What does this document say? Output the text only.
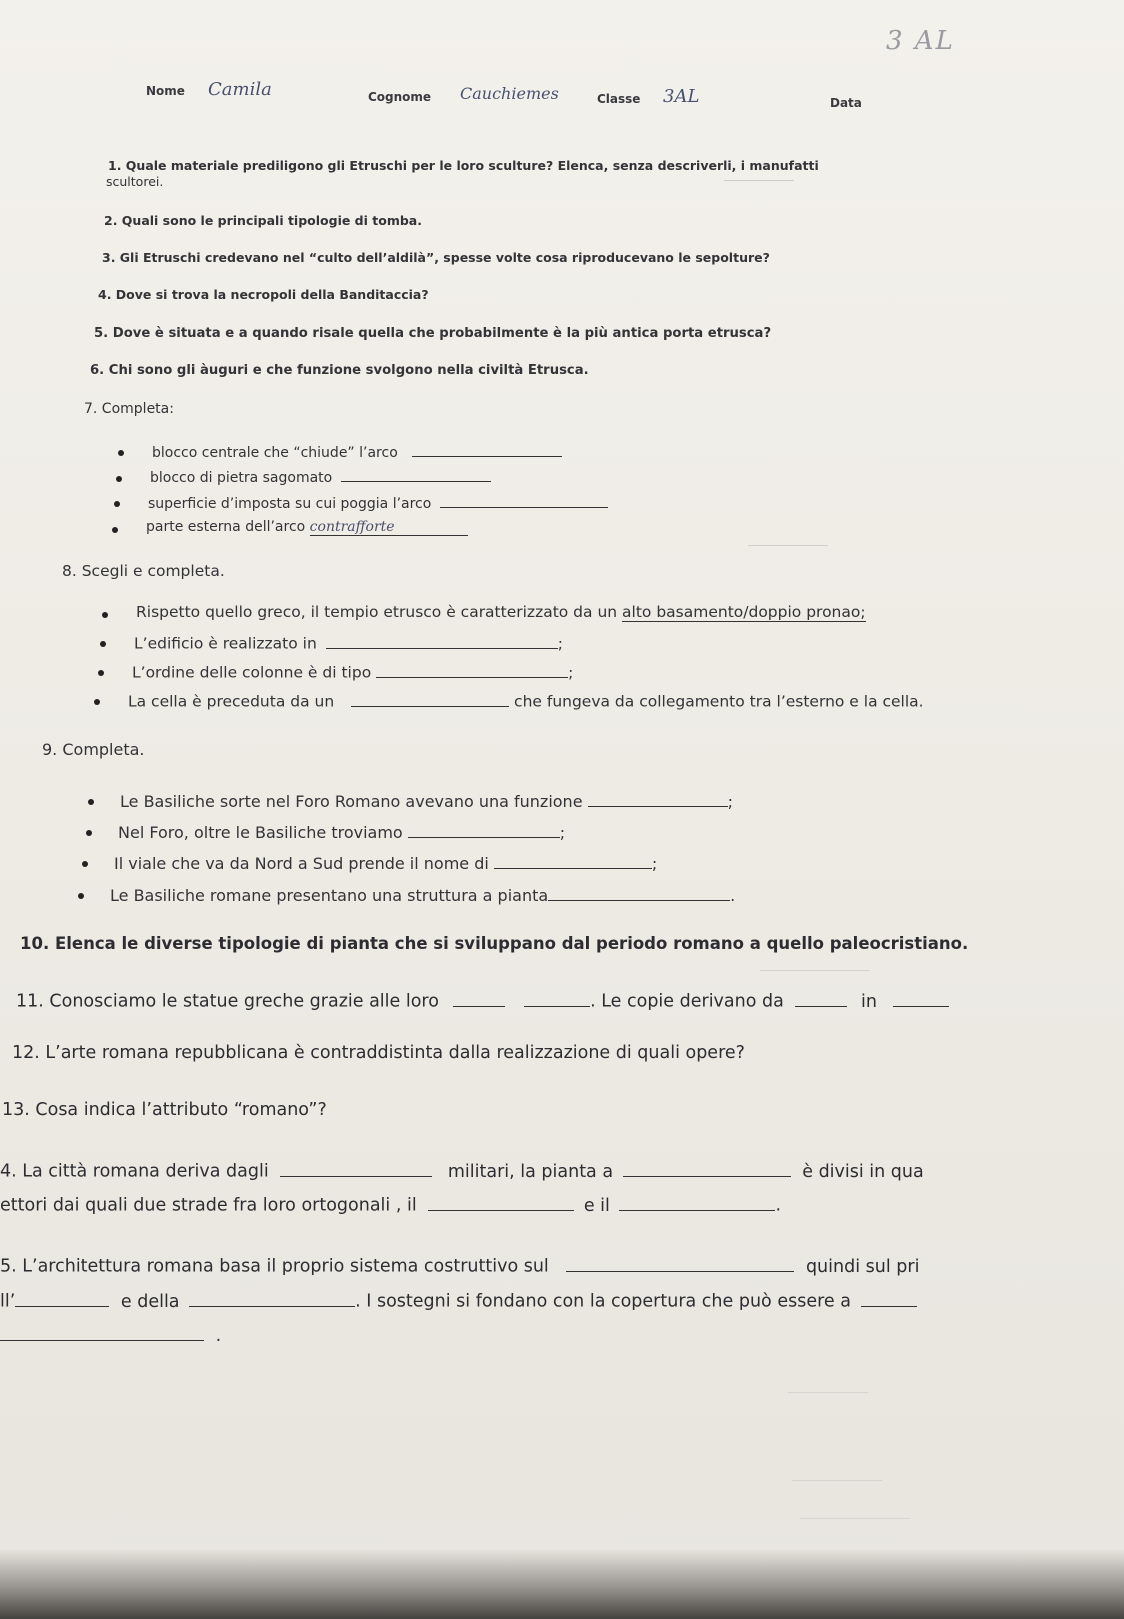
3 AL
Nome Camila	Cognome Cauchiemes	Classe 3AL	Data
1. Quale materiale prediligono gli Etruschi per le loro sculture? Elenca, senza descriverli, i manufatti
scultorei.
2. Quali sono le principali tipologie di tomba.
3. Gli Etruschi credevano nel “culto dell’aldilà”, spesse volte cosa riproducevano le sepolture?
4. Dove si trova la necropoli della Banditaccia?
5. Dove è situata e a quando risale quella che probabilmente è la più antica porta etrusca?
6. Chi sono gli àuguri e che funzione svolgono nella civiltà Etrusca.
7. Completa:
blocco centrale che “chiude” l’arco
blocco di pietra sagomato
superficie d’imposta su cui poggia l’arco
parte esterna dell’arco contrafforte
8. Scegli e completa.
Rispetto quello greco, il tempio etrusco è caratterizzato da un alto basamento/doppio pronao;
L’edificio è realizzato in	;
L’ordine delle colonne è di tipo	;
La cella è preceduta da un	che fungeva da collegamento tra l’esterno e la cella.
9. Completa.
Le Basiliche sorte nel Foro Romano avevano una funzione	;
Nel Foro, oltre le Basiliche troviamo	;
Il viale che va da Nord a Sud prende il nome di	;
Le Basiliche romane presentano una struttura a pianta	.
10. Elenca le diverse tipologie di pianta che si sviluppano dal periodo romano a quello paleocristiano.
11. Conosciamo le statue greche grazie alle loro	. Le copie derivano da	in
12. L’arte romana repubblicana è contraddistinta dalla realizzazione di quali opere?
13. Cosa indica l’attributo “romano”?
4. La città romana deriva dagli	militari, la pianta a	è divisi in qua
ettori dai quali due strade fra loro ortogonali , il	e il	.
5. L’architettura romana basa il proprio sistema costruttivo sul	quindi sul pri
ll’	e della	. I sostegni si fondano con la copertura che può essere a
.
